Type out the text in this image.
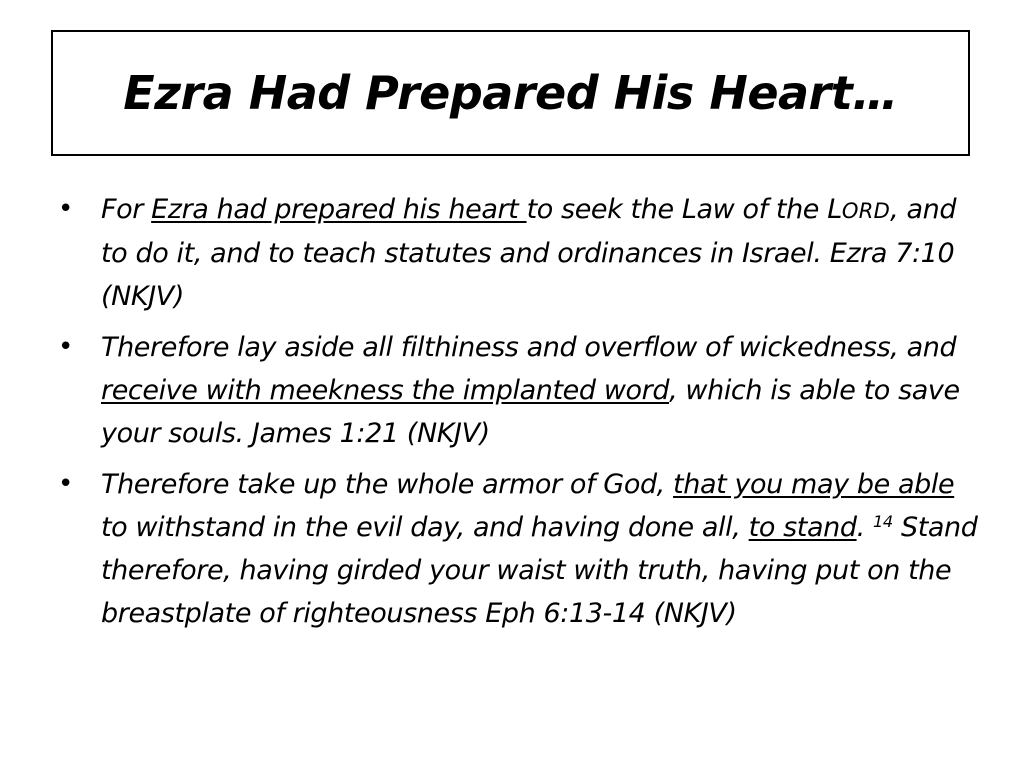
Ezra Had Prepared His Heart…
• For Ezra had prepared his heart to seek the Law of the LORD, and to do it, and to teach statutes and ordinances in Israel. Ezra 7:10 (NKJV)
• Therefore lay aside all filthiness and overflow of wickedness, and receive with meekness the implanted word, which is able to save your souls. James 1:21 (NKJV)
• Therefore take up the whole armor of God, that you may be able to withstand in the evil day, and having done all, to stand. $^{14}$ Stand therefore, having girded your waist with truth, having put on the breastplate of righteousness Eph 6:13-14 (NKJV)
